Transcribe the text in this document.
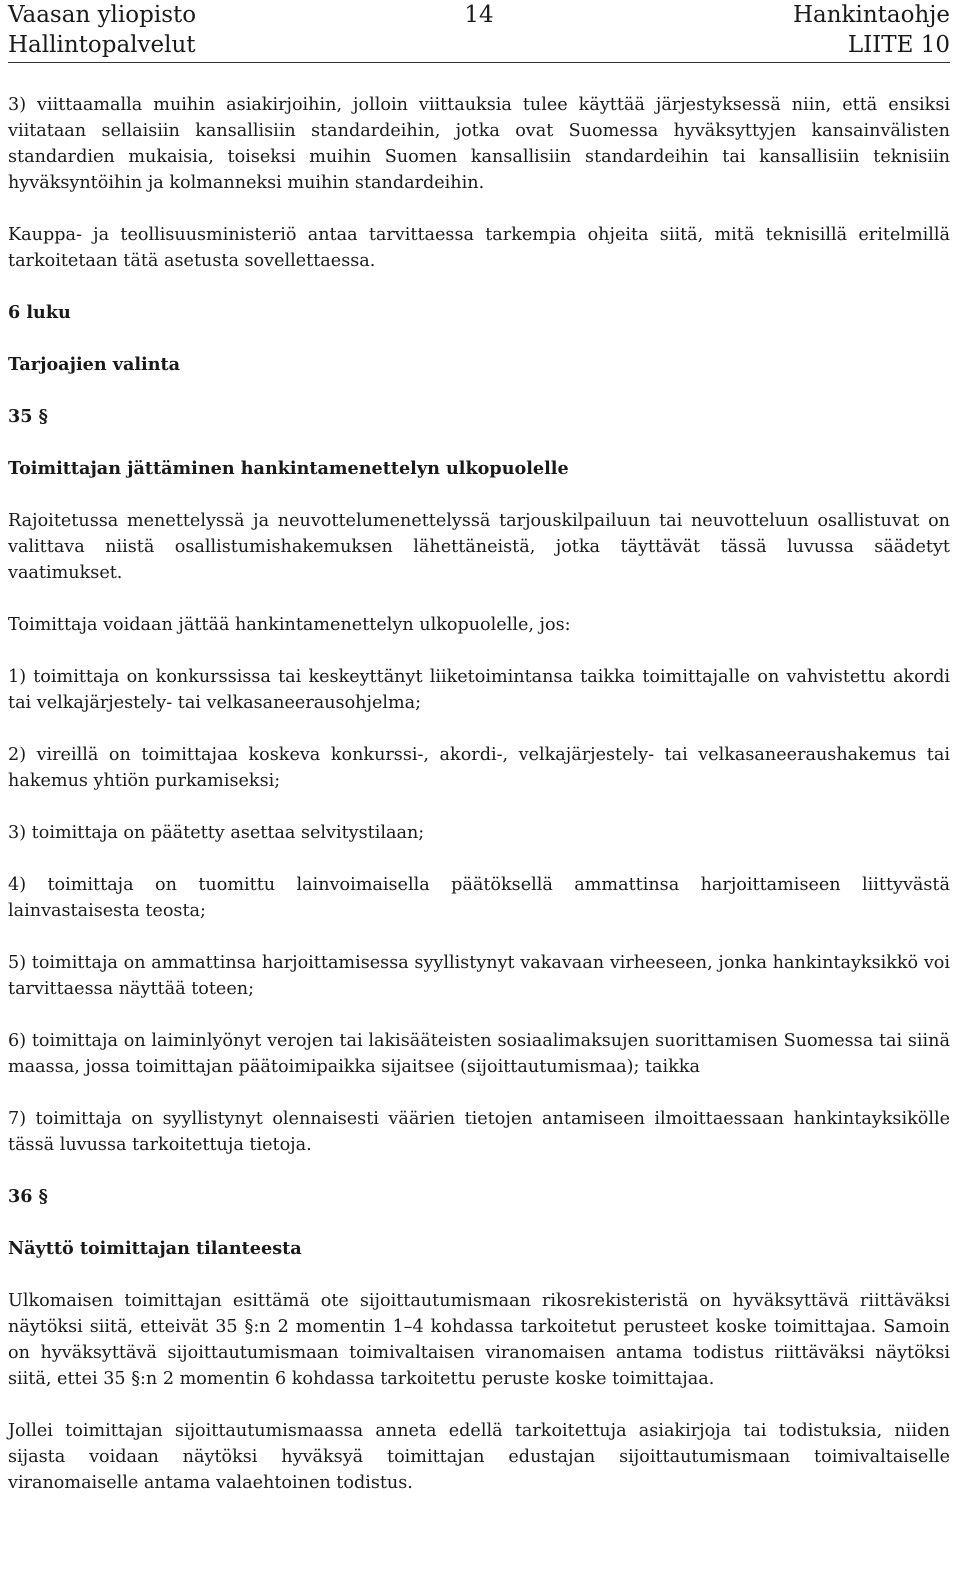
Vaasan yliopisto	14	Hankintaohje
Hallintopalvelut	LIITE 10

3) viittaamalla muihin asiakirjoihin, jolloin viittauksia tulee käyttää järjestyksessä niin, että ensiksi viitataan sellaisiin kansallisiin standardeihin, jotka ovat Suomessa hyväksyttyjen kansainvälisten standardien mukaisia, toiseksi muihin Suomen kansallisiin standardeihin tai kansallisiin teknisiin hyväksyntöihin ja kolmanneksi muihin standardeihin.

Kauppa- ja teollisuusministeriö antaa tarvittaessa tarkempia ohjeita siitä, mitä teknisillä eritelmillä tarkoitetaan tätä asetusta sovellettaessa.

6 luku
Tarjoajien valinta
35 §
Toimittajan jättäminen hankintamenettelyn ulkopuolelle

Rajoitetussa menettelyssä ja neuvottelumenettelyssä tarjouskilpailuun tai neuvotteluun osallistuvat on valittava niistä osallistumishakemuksen lähettäneistä, jotka täyttävät tässä luvussa säädetyt vaatimukset.

Toimittaja voidaan jättää hankintamenettelyn ulkopuolelle, jos:

1) toimittaja on konkurssissa tai keskeyttänyt liiketoimintansa taikka toimittajalle on vahvistettu akordi tai velkajärjestely- tai velkasaneerausohjelma;

2) vireillä on toimittajaa koskeva konkurssi-, akordi-, velkajärjestely- tai velkasaneeraushakemus tai hakemus yhtiön purkamiseksi;

3) toimittaja on päätetty asettaa selvitystilaan;

4) toimittaja on tuomittu lainvoimaisella päätöksellä ammattinsa harjoittamiseen liittyvästä lainvastaisesta teosta;

5) toimittaja on ammattinsa harjoittamisessa syyllistynyt vakavaan virheeseen, jonka hankintayksikkö voi tarvittaessa näyttää toteen;

6) toimittaja on laiminlyönyt verojen tai lakisääteisten sosiaalimaksujen suorittamisen Suomessa tai siinä maassa, jossa toimittajan päätoimipaikka sijaitsee (sijoittautumismaa); taikka

7) toimittaja on syyllistynyt olennaisesti väärien tietojen antamiseen ilmoittaessaan hankintayksikölle tässä luvussa tarkoitettuja tietoja.

36 §
Näyttö toimittajan tilanteesta

Ulkomaisen toimittajan esittämä ote sijoittautumismaan rikosrekisteristä on hyväksyttävä riittäväksi näytöksi siitä, etteivät 35 §:n 2 momentin 1–4 kohdassa tarkoitetut perusteet koske toimittajaa. Samoin on hyväksyttävä sijoittautumismaan toimivaltaisen viranomaisen antama todistus riittäväksi näytöksi siitä, ettei 35 §:n 2 momentin 6 kohdassa tarkoitettu peruste koske toimittajaa.

Jollei toimittajan sijoittautumismaassa anneta edellä tarkoitettuja asiakirjoja tai todistuksia, niiden sijasta voidaan näytöksi hyväksyä toimittajan edustajan sijoittautumismaan toimivaltaiselle viranomaiselle antama valaehtoinen todistus.
